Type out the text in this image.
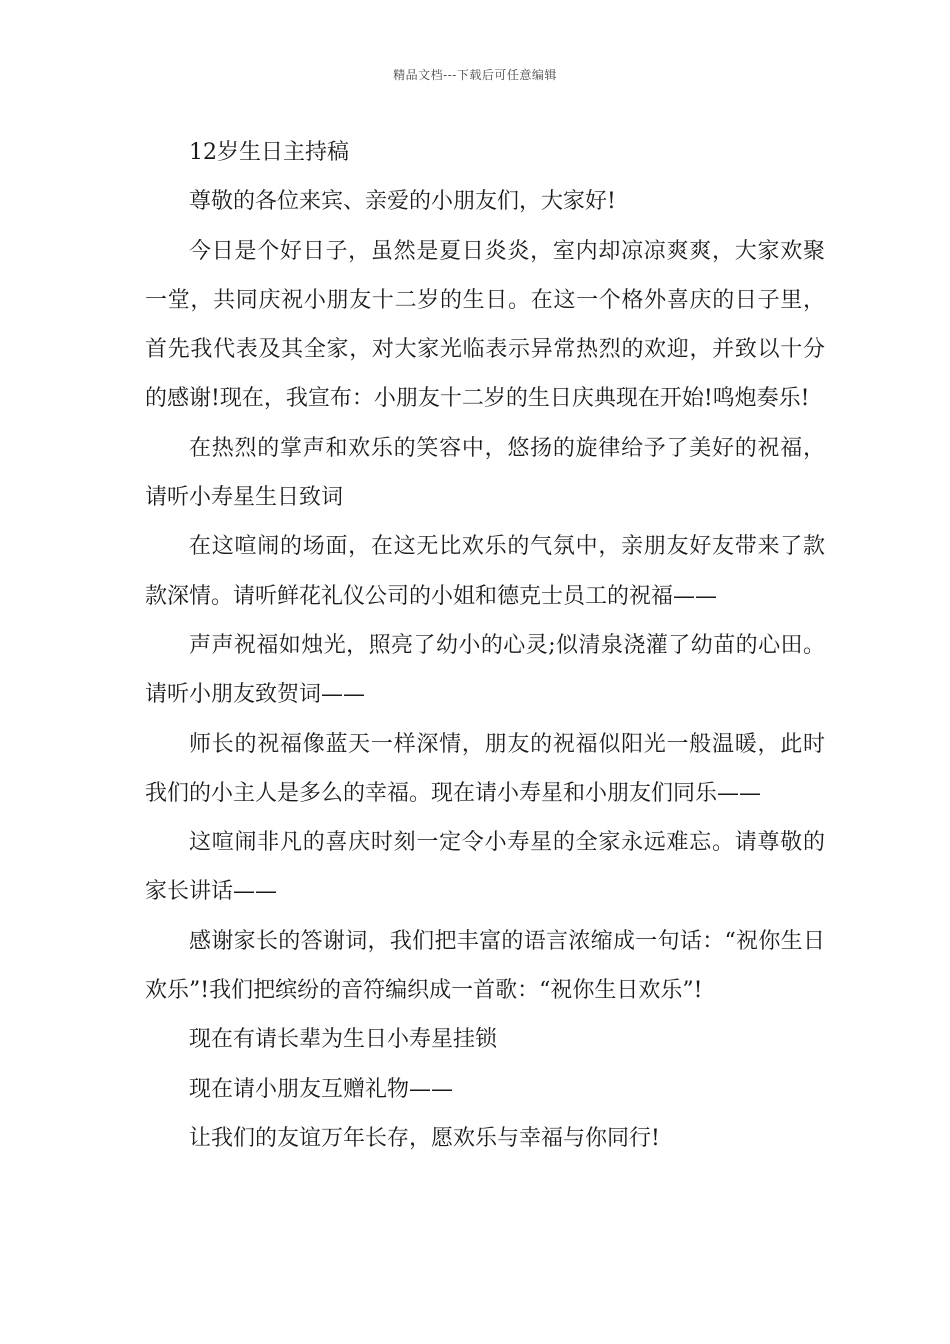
精品文档---下载后可任意编辑

12岁生日主持稿

尊敬的各位来宾、亲爱的小朋友们，大家好!

今日是个好日子，虽然是夏日炎炎，室内却凉凉爽爽，大家欢聚一堂，共同庆祝小朋友十二岁的生日。在这一个格外喜庆的日子里，首先我代表及其全家，对大家光临表示异常热烈的欢迎，并致以十分的感谢!现在，我宣布：小朋友十二岁的生日庆典现在开始!鸣炮奏乐!

在热烈的掌声和欢乐的笑容中，悠扬的旋律给予了美好的祝福，请听小寿星生日致词

在这喧闹的场面，在这无比欢乐的气氛中，亲朋友好友带来了款款深情。请听鲜花礼仪公司的小姐和德克士员工的祝福——

声声祝福如烛光，照亮了幼小的心灵;似清泉浇灌了幼苗的心田。请听小朋友致贺词——

师长的祝福像蓝天一样深情，朋友的祝福似阳光一般温暖，此时我们的小主人是多么的幸福。现在请小寿星和小朋友们同乐——

这喧闹非凡的喜庆时刻一定令小寿星的全家永远难忘。请尊敬的家长讲话——

感谢家长的答谢词，我们把丰富的语言浓缩成一句话：“祝你生日欢乐”!我们把缤纷的音符编织成一首歌：“祝你生日欢乐”!

现在有请长辈为生日小寿星挂锁

现在请小朋友互赠礼物——

让我们的友谊万年长存，愿欢乐与幸福与你同行!
